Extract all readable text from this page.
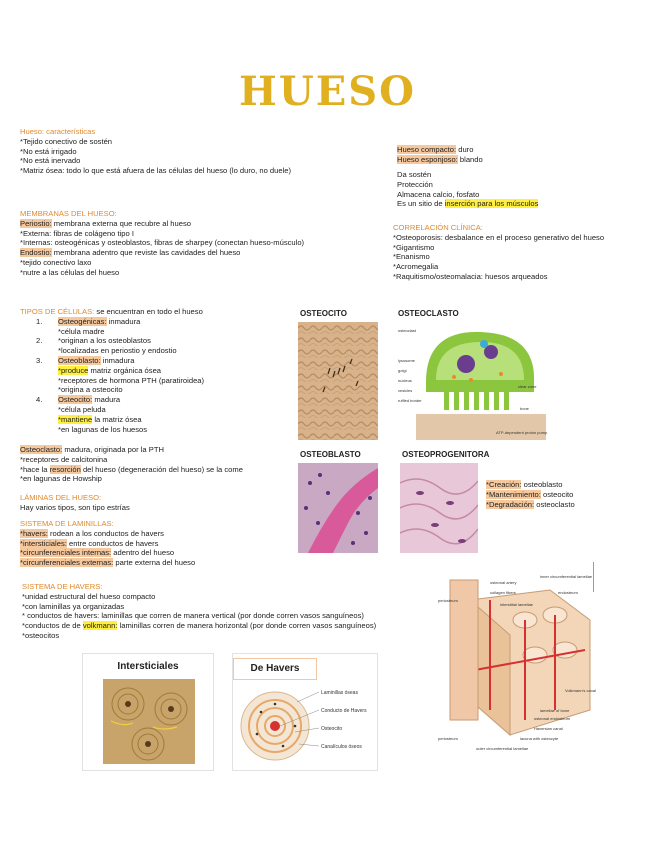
HUESO
Hueso: características
*Tejido conectivo de sostén
*No está irrigado
*No está inervado
*Matriz ósea: todo lo que está afuera de las células del hueso (lo duro, no duele)
Hueso compacto: duro
Hueso esponjoso: blando
Da sostén
Protección
Almacena calcio, fosfato
Es un sitio de inserción para los músculos
MEMBRANAS DEL HUESO:
Periostio: membrana externa que recubre al hueso
*Externa: fibras de colágeno tipo I
*Internas: osteogénicas y osteoblastos, fibras de sharpey (conectan hueso-músculo)
Endostio: membrana adentro que reviste las cavidades del hueso
*tejido conectivo laxo
*nutre a las células del hueso
CORRELACIÓN CLÍNICA:
*Osteoporosis: desbalance en el proceso generativo del hueso
*Gigantismo
*Enanismo
*Acromegalia
*Raquitismo/osteomalacia: huesos arqueados
TIPOS DE CÉLULAS: se encuentran en todo el hueso
1. Osteogénicas: inmadura
*célula madre
2. *originan a los osteoblastos
*localizadas en periostio y endostio
3. Osteoblasto: inmadura
*produce matriz orgánica ósea
*receptores de hormona PTH (paratiroidea)
*origina a osteocito
4. Osteocito: madura
*célula peluda
*mantiene la matriz ósea
*en lagunas de los huesos
Osteoclasto: madura, originada por la PTH
*receptores de calcitonina
*hace la resorción del hueso (degeneración del hueso) se la come
*en lagunas de Howship
LÁMINAS DEL HUESO:
Hay varios tipos, son tipo estrías
SISTEMA DE LAMINILLAS:
*havers: rodean a los conductos de havers
*intersticiales: entre conductos de havers
*circunferenciales internas: adentro del hueso
*circunferenciales externas: parte externa del hueso
SISTEMA DE HAVERS:
*unidad estructural del hueso compacto
*con laminillas ya organizadas
* conductos de havers: laminillas que corren de manera vertical (por donde corren vasos sanguíneos)
*conductos de de volkmann: laminillas corren de manera horizontal (por donde corren vasos sanguíneos)
*osteocitos
OSTEOCITO	OSTEOCLASTO
OSTEOBLASTO	OSTEOPROGENITORA
osteoclast
lysosome
golgi
nucleus
vesicles
ruffled border
clear zone
bone
ATP-dependent proton pump
*Creación: osteoblasto
*Mantenimiento: osteocito
*Degradación: osteoclasto
osteonal artery
collagen fibers
inner circumferential lamellae
endosteum
interstitial lamellae
periosteum
Volkmann's canal
lamellae of bone
osteonal endosteum
Haversian canal
lacuna with osteocyte
outer circumferential lamellae
periosteum
Intersticiales	De Havers
Laminillas óseas
Conducto de Havers
Osteocito
Canalículos óseos
